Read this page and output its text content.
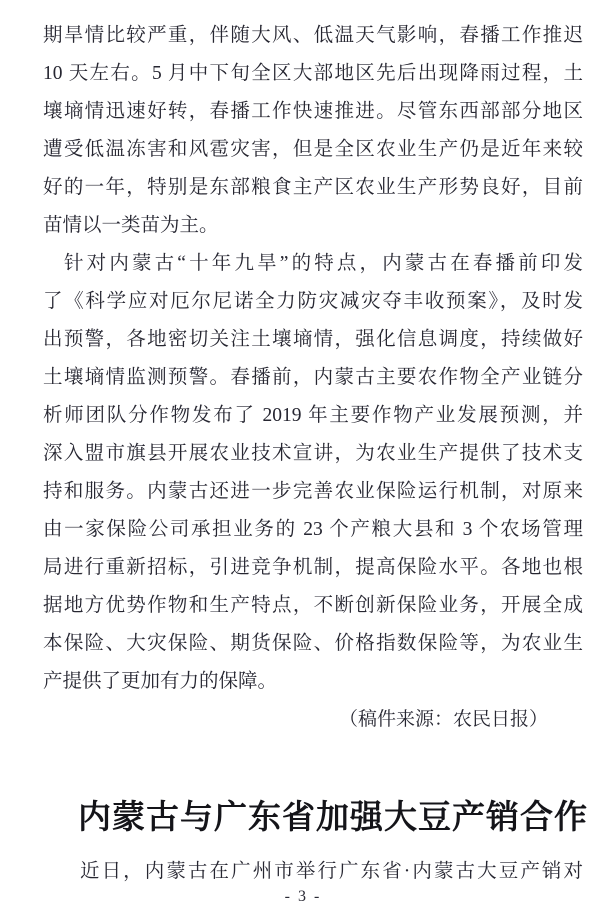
期旱情比较严重，伴随大风、低温天气影响，春播工作推迟
10 天左右。5 月中下旬全区大部地区先后出现降雨过程，土
壤墒情迅速好转，春播工作快速推进。尽管东西部部分地区
遭受低温冻害和风雹灾害，但是全区农业生产仍是近年来较
好的一年，特别是东部粮食主产区农业生产形势良好，目前
苗情以一类苗为主。
针对内蒙古“十年九旱”的特点，内蒙古在春播前印发
了《科学应对厄尔尼诺全力防灾减灾夺丰收预案》，及时发
出预警，各地密切关注土壤墒情，强化信息调度，持续做好
土壤墒情监测预警。春播前，内蒙古主要农作物全产业链分
析师团队分作物发布了 2019 年主要作物产业发展预测，并
深入盟市旗县开展农业技术宣讲，为农业生产提供了技术支
持和服务。内蒙古还进一步完善农业保险运行机制，对原来
由一家保险公司承担业务的 23 个产粮大县和 3 个农场管理
局进行重新招标，引进竞争机制，提高保险水平。各地也根
据地方优势作物和生产特点，不断创新保险业务，开展全成
本保险、大灾保险、期货保险、价格指数保险等，为农业生
产提供了更加有力的保障。
（稿件来源：农民日报）
内蒙古与广东省加强大豆产销合作
近日，内蒙古在广州市举行广东省·内蒙古大豆产销对
- 3 -
